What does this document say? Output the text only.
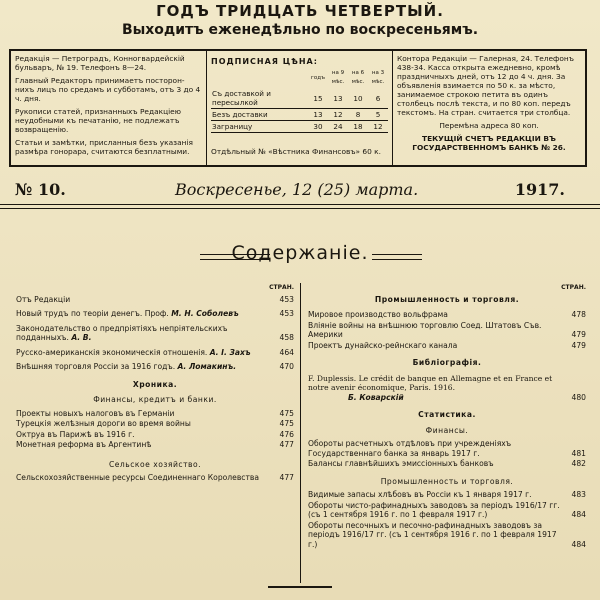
ГОДЪ ТРИДЦАТЬ ЧЕТВЕРТЫЙ.
Выходитъ еженедѣльно по воскресеньямъ.

Редакція — Петроградъ, Конногвардейскій бульваръ, № 19. Телефонъ 8—24.

Главный Редакторъ принимаетъ посторон-нихъ лицъ по средамъ и субботамъ, отъ 3 до 4 ч. дня.

Рукописи статей, признанныхъ Редакціею неудобными къ печатанію, не подлежатъ возвращенію.

Статьи и замѣтки, присланныя безъ указанія размѣра гонорара, считаются безплатными.

ПОДПИСНАЯ ЦѢНА:
	годъ	на 9 мѣс.	на 6 мѣс.	на 3 мѣс.
Съ доставкой и пересылкой	15	13	10	6
Безъ доставки	13	12	8	5
Заграницу	30	24	18	12

Отдѣльный № «Вѣстника Финансовъ» 60 к.

Контора Редакціи — Галерная, 24. Телефонъ 438-34. Касса открыта ежедневно, кромѣ праздничныхъ дней, отъ 12 до 4 ч. дня. За объявленія взимается по 50 к. за мѣсто, занимаемое строкою петита въ одинъ столбецъ послѣ текста, и по 80 коп. передъ текстомъ. На стран. считается три столбца.

Перемѣна адреса 80 коп.

ТЕКУЩІЙ СЧЕТЪ РЕДАКЦІИ ВЪ ГОСУДАРСТВЕННОМЪ БАНКѢ № 26.

№ 10.	Воскресенье, 12 (25) марта.	1917.
Содержаніе.
СТРАН.
Отъ Редакціи	453
Новый трудъ по теоріи денегъ. Проф. М. Н. Соболевъ	453
Законодательство о предпріятіяхъ непріятельскихъ подданныхъ. А. В.	458
Русско-американскія экономическія отношенія. А. І. Захъ	464
Внѣшняя торговля Россіи за 1916 годъ. А. Ломакинъ.	470
Хроника.
Финансы, кредитъ и банки.
Проекты новыхъ налоговъ въ Германіи	475
Турецкія желѣзныя дороги во время войны	475
Октруа въ Парижѣ въ 1916 г.	476
Монетная реформа въ Аргентинѣ	477
Сельское хозяйство.
Сельскохозяйственные ресурсы Соединеннаго Королевства	477
СТРАН.
Промышленность и торговля.
Мировое производство вольфрама	478
Вліяніе войны на внѣшнюю торговлю Соед. Штатовъ Съв. Америки	479
Проектъ дунайско-рейнскаго канала	479
Библіографія.
F. Duplessis. Le crédit de banque en Allemagne et en France et notre avenir économique, Paris. 1916.
Б. Коварскій	480
Статистика.
Финансы.
Обороты расчетныхъ отдѣловъ при учрежденіяхъ Государственнаго банка за январь 1917 г.	481
Балансы главнѣйшихъ эмиссіонныхъ банковъ	482
Промышленность и торговля.
Видимые запасы хлѣбовъ въ Россіи къ 1 января 1917 г.	483
Обороты чисто-рафинадныхъ заводовъ за періодъ 1916/17 гг. (съ 1 сентября 1916 г. по 1 февраля 1917 г.)	484
Обороты песочныхъ и песочно-рафинадныхъ заводовъ за періодъ 1916/17 гг. (съ 1 сентября 1916 г. по 1 февраля 1917 г.)	484
